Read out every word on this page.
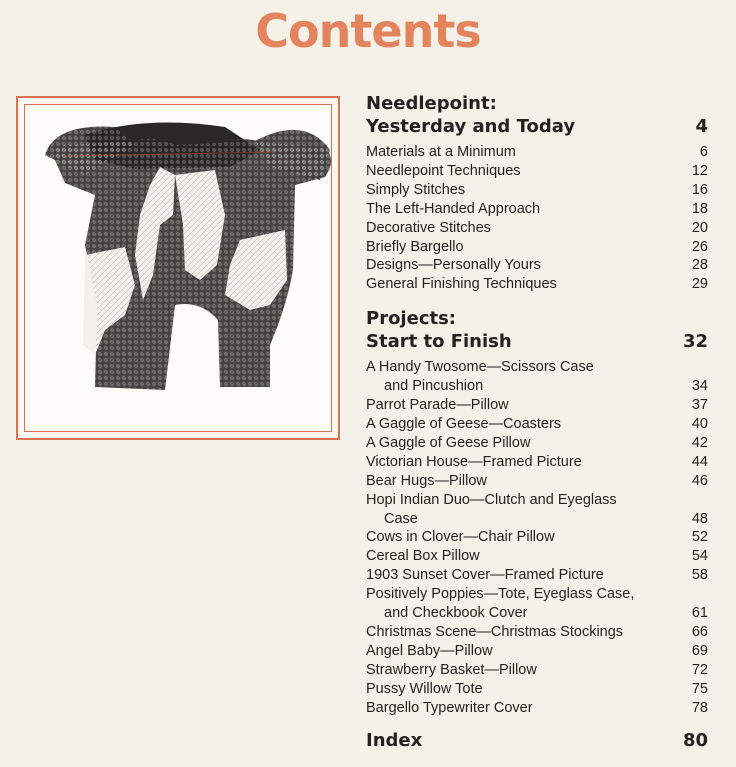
Contents
Needlepoint:
Yesterday and Today	4
Materials at a Minimum	6
Needlepoint Techniques	12
Simply Stitches	16
The Left-Handed Approach	18
Decorative Stitches	20
Briefly Bargello	26
Designs—Personally Yours	28
General Finishing Techniques	29
Projects:
Start to Finish	32
A Handy Twosome—Scissors Case
and Pincushion	34
Parrot Parade—Pillow	37
A Gaggle of Geese—Coasters	40
A Gaggle of Geese Pillow	42
Victorian House—Framed Picture	44
Bear Hugs—Pillow	46
Hopi Indian Duo—Clutch and Eyeglass
Case	48
Cows in Clover—Chair Pillow	52
Cereal Box Pillow	54
1903 Sunset Cover—Framed Picture	58
Positively Poppies—Tote, Eyeglass Case,
and Checkbook Cover	61
Christmas Scene—Christmas Stockings	66
Angel Baby—Pillow	69
Strawberry Basket—Pillow	72
Pussy Willow Tote	75
Bargello Typewriter Cover	78
Index	80
